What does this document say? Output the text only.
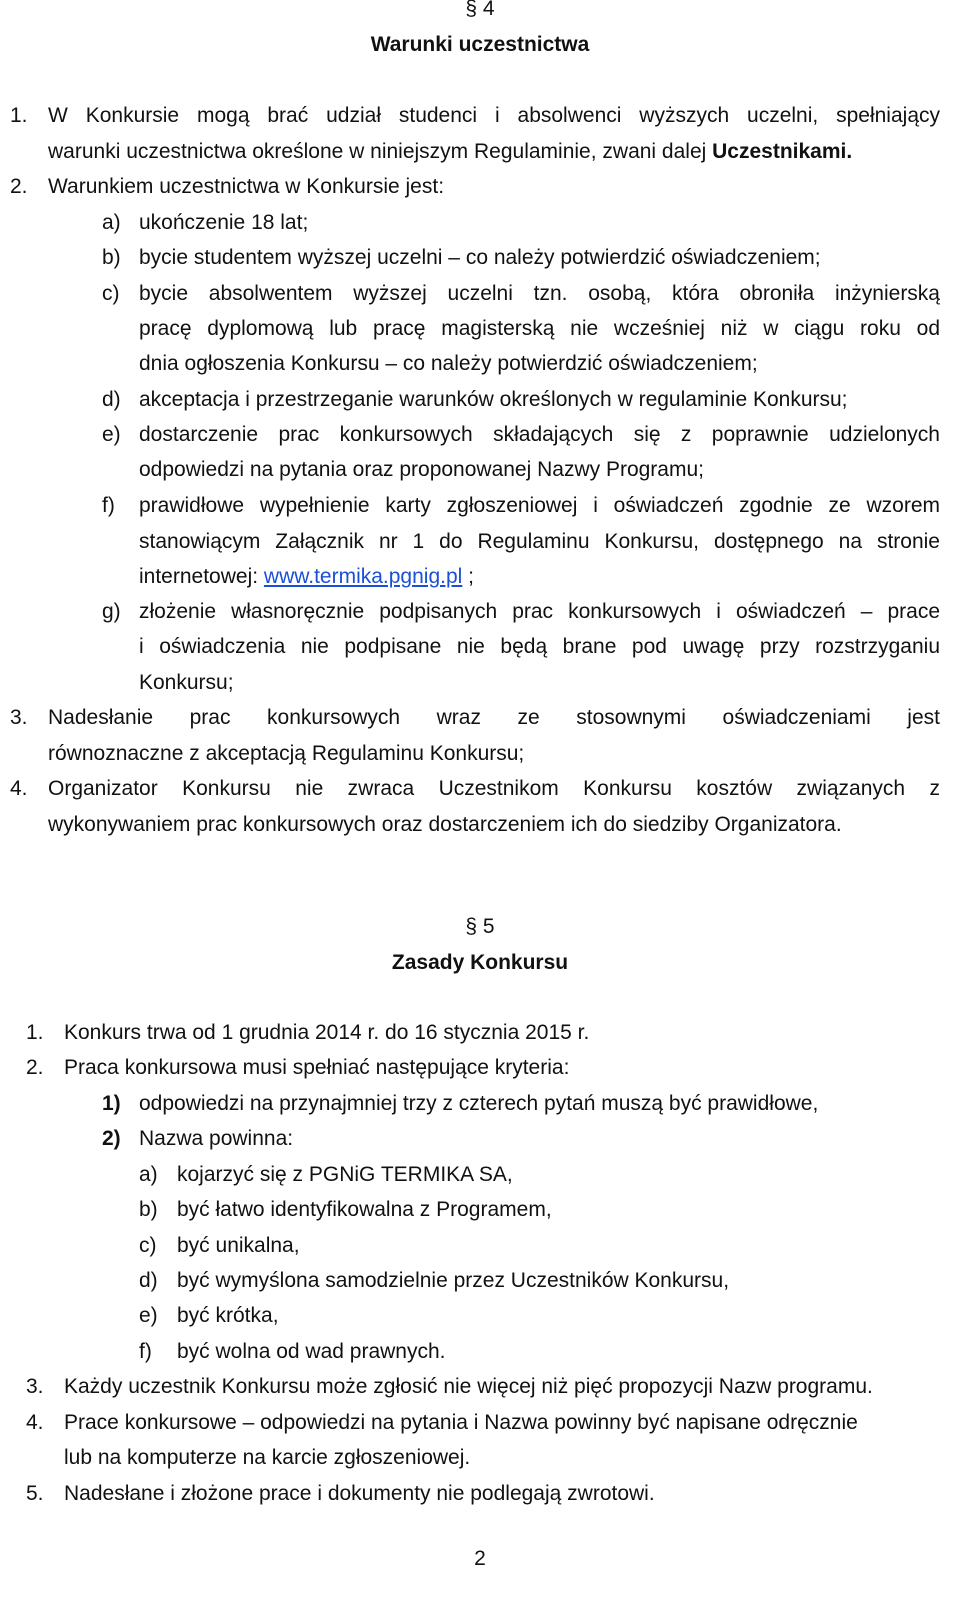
§ 4
Warunki uczestnictwa
1. W Konkursie mogą brać udział studenci i absolwenci wyższych uczelni, spełniający
warunki uczestnictwa określone w niniejszym Regulaminie, zwani dalej Uczestnikami.
2. Warunkiem uczestnictwa w Konkursie jest:
a) ukończenie 18 lat;
b) bycie studentem wyższej uczelni – co należy potwierdzić oświadczeniem;
c) bycie absolwentem wyższej uczelni tzn. osobą, która obroniła inżynierską
pracę dyplomową lub pracę magisterską nie wcześniej niż w ciągu roku od
dnia ogłoszenia Konkursu – co należy potwierdzić oświadczeniem;
d) akceptacja i przestrzeganie warunków określonych w regulaminie Konkursu;
e) dostarczenie prac konkursowych składających się z poprawnie udzielonych
odpowiedzi na pytania oraz proponowanej Nazwy Programu;
f) prawidłowe wypełnienie karty zgłoszeniowej i oświadczeń zgodnie ze wzorem
stanowiącym Załącznik nr 1 do Regulaminu Konkursu, dostępnego na stronie
internetowej: www.termika.pgnig.pl ;
g) złożenie własnoręcznie podpisanych prac konkursowych i oświadczeń – prace
i oświadczenia nie podpisane nie będą brane pod uwagę przy rozstrzyganiu
Konkursu;
3. Nadesłanie prac konkursowych wraz ze stosownymi oświadczeniami jest
równoznaczne z akceptacją Regulaminu Konkursu;
4. Organizator Konkursu nie zwraca Uczestnikom Konkursu kosztów związanych z
wykonywaniem prac konkursowych oraz dostarczeniem ich do siedziby Organizatora.
§ 5
Zasady Konkursu
1. Konkurs trwa od 1 grudnia 2014 r. do 16 stycznia 2015 r.
2. Praca konkursowa musi spełniać następujące kryteria:
1) odpowiedzi na przynajmniej trzy z czterech pytań muszą być prawidłowe,
2) Nazwa powinna:
a) kojarzyć się z PGNiG TERMIKA SA,
b) być łatwo identyfikowalna z Programem,
c) być unikalna,
d) być wymyślona samodzielnie przez Uczestników Konkursu,
e) być krótka,
f) być wolna od wad prawnych.
3. Każdy uczestnik Konkursu może zgłosić nie więcej niż pięć propozycji Nazw programu.
4. Prace konkursowe – odpowiedzi na pytania i Nazwa powinny być napisane odręcznie
lub na komputerze na karcie zgłoszeniowej.
5. Nadesłane i złożone prace i dokumenty nie podlegają zwrotowi.
2
